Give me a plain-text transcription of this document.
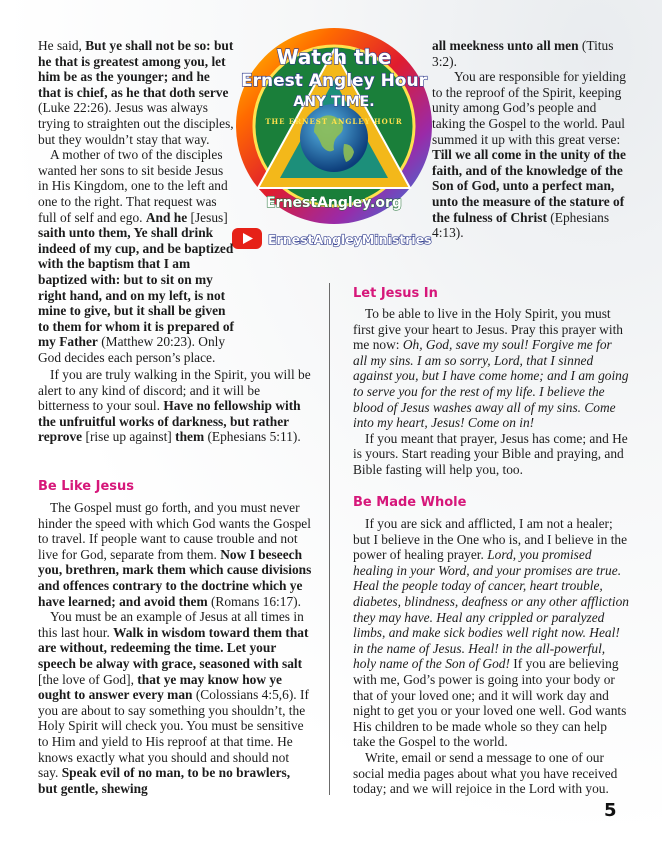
Watch the
Ernest Angley Hour
ANY TIME.
THE ERNEST ANGLEY HOUR
ErnestAngley.org
ErnestAngleyMinistries

He said, But ye shall not be so: but he that is greatest among you, let him be as the younger; and he that is chief, as he that doth serve (Luke 22:26). Jesus was always trying to straighten out the disciples, but they wouldn’t stay that way.

A mother of two of the disciples wanted her sons to sit beside Jesus in His Kingdom, one to the left and one to the right. That request was full of self and ego. And he [Jesus] saith unto them, Ye shall drink indeed of my cup, and be baptized with the baptism that I am baptized with: but to sit on my right hand, and on my left, is not mine to give, but it shall be given to them for whom it is prepared of my Father (Matthew 20:23). Only God decides each person’s place.

If you are truly walking in the Spirit, you will be alert to any kind of discord; and it will be bitterness to your soul. Have no fellowship with the unfruitful works of darkness, but rather reprove [rise up against] them (Ephesians 5:11).

Be Like Jesus

The Gospel must go forth, and you must never hinder the speed with which God wants the Gospel to travel. If people want to cause trouble and not live for God, separate from them. Now I beseech you, brethren, mark them which cause divisions and offences contrary to the doctrine which ye have learned; and avoid them (Romans 16:17).

You must be an example of Jesus at all times in this last hour. Walk in wisdom toward them that are without, redeeming the time. Let your speech be alway with grace, seasoned with salt [the love of God], that ye may know how ye ought to answer every man (Colossians 4:5,6). If you are about to say something you shouldn’t, the Holy Spirit will check you. You must be sensitive to Him and yield to His reproof at that time. He knows exactly what you should and should not say. Speak evil of no man, to be no brawlers, but gentle, shewing

all meekness unto all men (Titus 3:2).

You are responsible for yielding to the reproof of the Spirit, keeping unity among God’s people and taking the Gospel to the world. Paul summed it up with this great verse: Till we all come in the unity of the faith, and of the knowledge of the Son of God, unto a perfect man, unto the measure of the stature of the fulness of Christ (Ephesians 4:13).

Let Jesus In

To be able to live in the Holy Spirit, you must first give your heart to Jesus. Pray this prayer with me now: Oh, God, save my soul! Forgive me for all my sins. I am so sorry, Lord, that I sinned against you, but I have come home; and I am going to serve you for the rest of my life. I believe the blood of Jesus washes away all of my sins. Come into my heart, Jesus! Come on in!

If you meant that prayer, Jesus has come; and He is yours. Start reading your Bible and praying, and Bible fasting will help you, too.

Be Made Whole

If you are sick and afflicted, I am not a healer; but I believe in the One who is, and I believe in the power of healing prayer. Lord, you promised healing in your Word, and your promises are true. Heal the people today of cancer, heart trouble, diabetes, blindness, deafness or any other affliction they may have. Heal any crippled or paralyzed limbs, and make sick bodies well right now. Heal! in the name of Jesus. Heal! in the all-powerful, holy name of the Son of God! If you are believing with me, God’s power is going into your body or that of your loved one; and it will work day and night to get you or your loved one well. God wants His children to be made whole so they can help take the Gospel to the world.

Write, email or send a message to one of our social media pages about what you have received today; and we will rejoice in the Lord with you.

5
